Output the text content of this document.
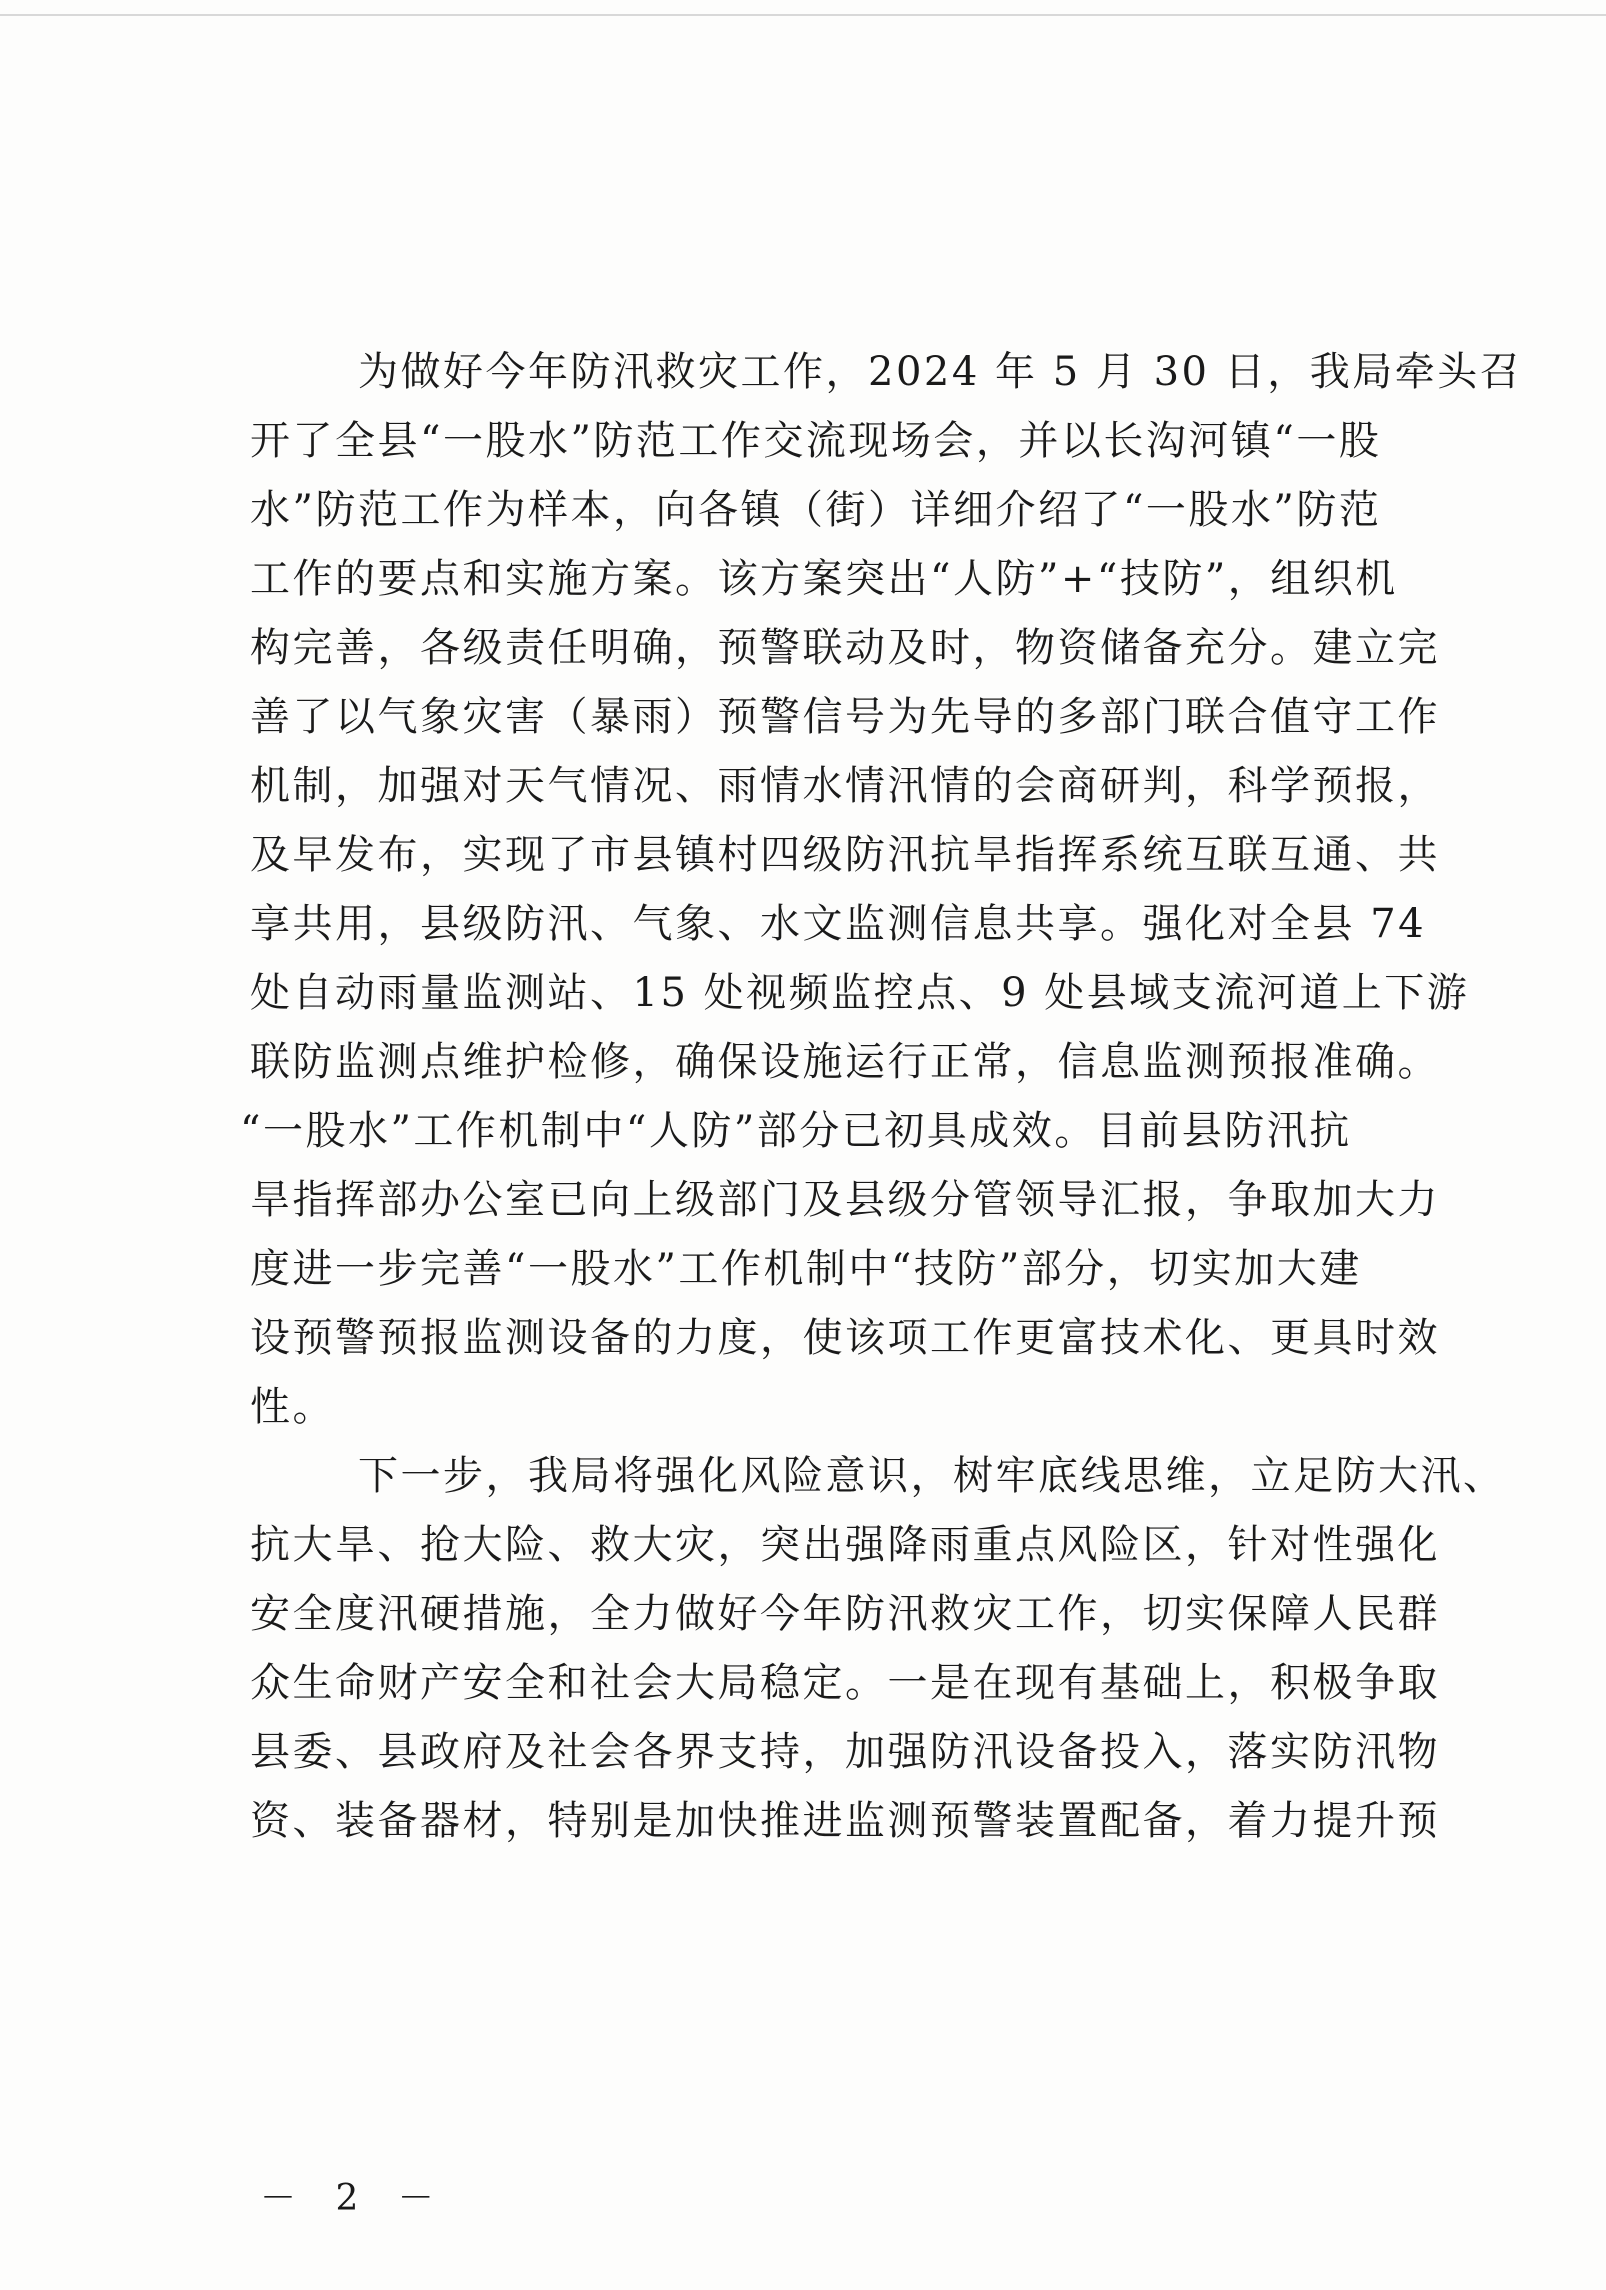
为做好今年防汛救灾工作，2024 年 5 月 30 日，我局牵头召
开了全县“一股水”防范工作交流现场会，并以长沟河镇“一股
水”防范工作为样本，向各镇（街）详细介绍了“一股水”防范
工作的要点和实施方案。该方案突出“人防”+“技防”，组织机
构完善，各级责任明确，预警联动及时，物资储备充分。建立完
善了以气象灾害（暴雨）预警信号为先导的多部门联合值守工作
机制，加强对天气情况、雨情水情汛情的会商研判，科学预报，
及早发布，实现了市县镇村四级防汛抗旱指挥系统互联互通、共
享共用，县级防汛、气象、水文监测信息共享。强化对全县 74
处自动雨量监测站、15 处视频监控点、9 处县域支流河道上下游
联防监测点维护检修，确保设施运行正常，信息监测预报准确。
“一股水”工作机制中“人防”部分已初具成效。目前县防汛抗
旱指挥部办公室已向上级部门及县级分管领导汇报，争取加大力
度进一步完善“一股水”工作机制中“技防”部分，切实加大建
设预警预报监测设备的力度，使该项工作更富技术化、更具时效
性。
下一步，我局将强化风险意识，树牢底线思维，立足防大汛、
抗大旱、抢大险、救大灾，突出强降雨重点风险区，针对性强化
安全度汛硬措施，全力做好今年防汛救灾工作，切实保障人民群
众生命财产安全和社会大局稳定。一是在现有基础上，积极争取
县委、县政府及社会各界支持，加强防汛设备投入，落实防汛物
资、装备器材，特别是加快推进监测预警装置配备，着力提升预
－ 2 －
